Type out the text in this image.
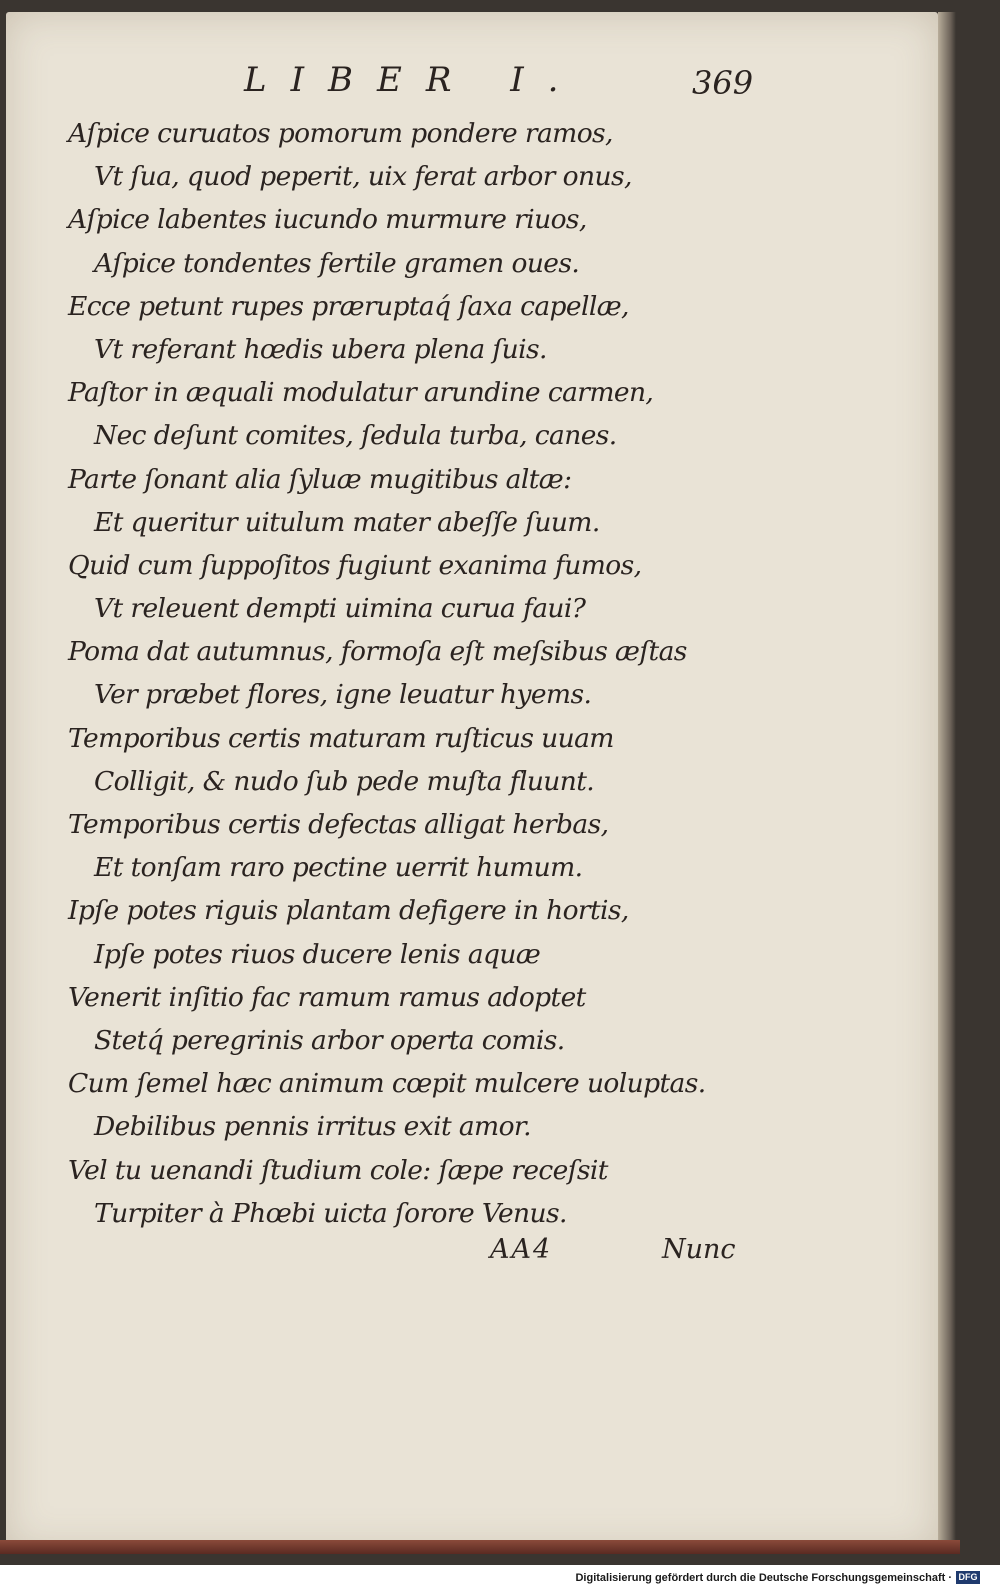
LIBER I.	369
Aſpice curuatos pomorum pondere ramos,
Vt ſua, quod peperit, uix ferat arbor onus,
Aſpice labentes iucundo murmure riuos,
Aſpice tondentes fertile gramen oues.
Ecce petunt rupes præruptaq́ ſaxa capellæ,
Vt referant hœdis ubera plena ſuis.
Paſtor in æquali modulatur arundine carmen,
Nec deſunt comites, ſedula turba, canes.
Parte ſonant alia ſyluæ mugitibus altæ:
Et queritur uitulum mater abeſſe ſuum.
Quid cum ſuppoſitos fugiunt exanima fumos,
Vt releuent dempti uimina curua faui?
Poma dat autumnus, formoſa eſt meſsibus æſtas
Ver præbet flores, igne leuatur hyems.
Temporibus certis maturam ruſticus uuam
Colligit, & nudo ſub pede muſta fluunt.
Temporibus certis defectas alligat herbas,
Et tonſam raro pectine uerrit humum.
Ipſe potes riguis plantam defigere in hortis,
Ipſe potes riuos ducere lenis aquæ
Venerit inſitio fac ramum ramus adoptet
Stetq́ peregrinis arbor operta comis.
Cum ſemel hæc animum cœpit mulcere uoluptas.
Debilibus pennis irritus exit amor.
Vel tu uenandi ſtudium cole: ſæpe receſsit
Turpiter à Phœbi uicta ſorore Venus.
AA4	Nunc
Digitalisierung gefördert durch die Deutsche Forschungsgemeinschaft · DFG
